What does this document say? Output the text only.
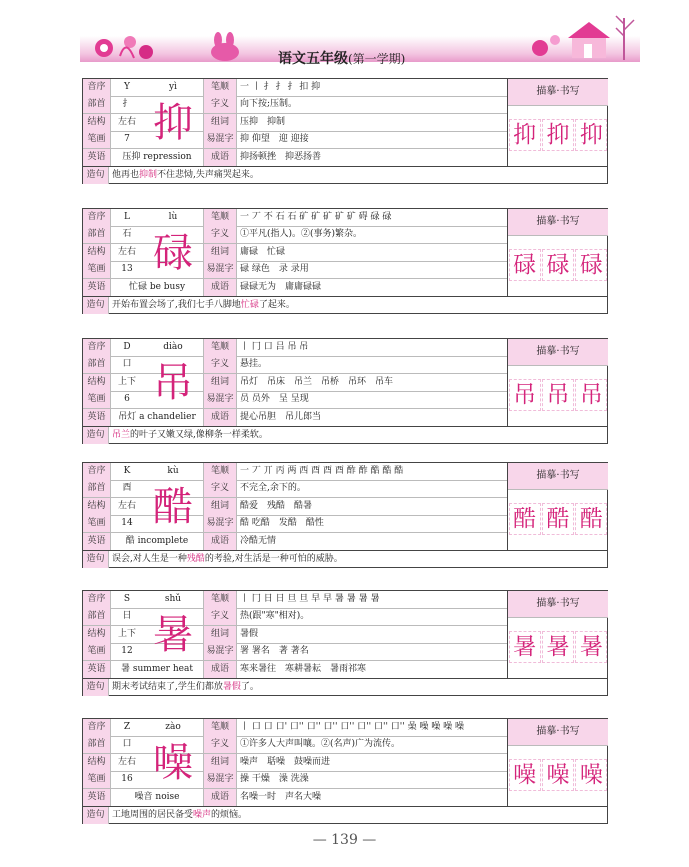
语文五年级(第一学期)
音序	Y	yì	笔顺	一 丨 扌 扌 扌 扣 抑
部首	扌	字义	向下按;压制。
结构	左右	组词	压抑　抑制
笔画	7	易混字 抑 仰望　迎 迎接
英语	压抑 repression	成语	抑扬顿挫　抑恶扬善
抑
描摹·书写
抑 抑 抑
造句 他再也抑制不住悲恸,失声痛哭起来。
音序	L	lù	笔顺	一 丆 不 石 石 矿 矿 矿 矿 矿 碍 碌 碌
部首	石	字义	①平凡(指人)。②(事务)繁杂。
结构	左右	组词	庸碌　忙碌
笔画	13	易混字 碌 绿色　录 录用
英语	忙碌 be busy	成语	碌碌无为　庸庸碌碌
碌
描摹·书写
碌 碌 碌
造句 开始布置会场了,我们七手八脚地忙碌了起来。
音序	D	diào	笔顺	丨 冂 口 吕 吊 吊
部首	口	字义	悬挂。
结构	上下	组词	吊灯　吊床　吊兰　吊桥　吊环　吊车
笔画	6	易混字 员 员外　呈 呈现
英语	吊灯 a chandelier	成语	提心吊胆　吊儿郎当
吊
描摹·书写
吊 吊 吊
造句 吊兰的叶子又嫩又绿,像柳条一样柔软。
音序	K	kù	笔顺	一 丆 丌 丙 两 西 酉 酉 酉 酢 酢 酷 酷 酷
部首	酉	字义	不完全,余下的。
结构	左右	组词	酷爱　残酷　酷暑
笔画	14	易混字 酷 吃酷　发酷　酷性
英语	酷 incomplete	成语	冷酷无情
酷
描摹·书写
酷 酷 酷
造句 误会,对人生是一种残酷的考验,对生活是一种可怕的威胁。
音序	S	shǔ	笔顺	丨 冂 日 日 旦 旦 早 早 暑 暑 暑 暑
部首	日	字义	热(跟"寒"相对)。
结构	上下	组词	暑假
笔画	12	易混字 署 署名　著 著名
英语	暑 summer heat	成语	寒来暑往　寒耕暑耘　暑雨祁寒
暑
描摹·书写
暑 暑 暑
造句 期末考试结束了,学生们都放暑假了。
音序	Z	zào	笔顺	丨 口 口 口' 口'' 口'' 口'' 口'' 口'' 口'' 口'' 喿 噪 噪 噪 噪
部首	口	字义	①许多人大声叫嚷。②(名声)广为流传。
结构	左右	组词	噪声　聒噪　鼓噪而进
笔画	16	易混字 操 干燥　澡 洗澡
英语	噪音 noise	成语	名噪一时　声名大噪
噪
描摹·书写
噪 噪 噪
造句 工地周围的居民备受噪声的烦恼。
— 139 —
